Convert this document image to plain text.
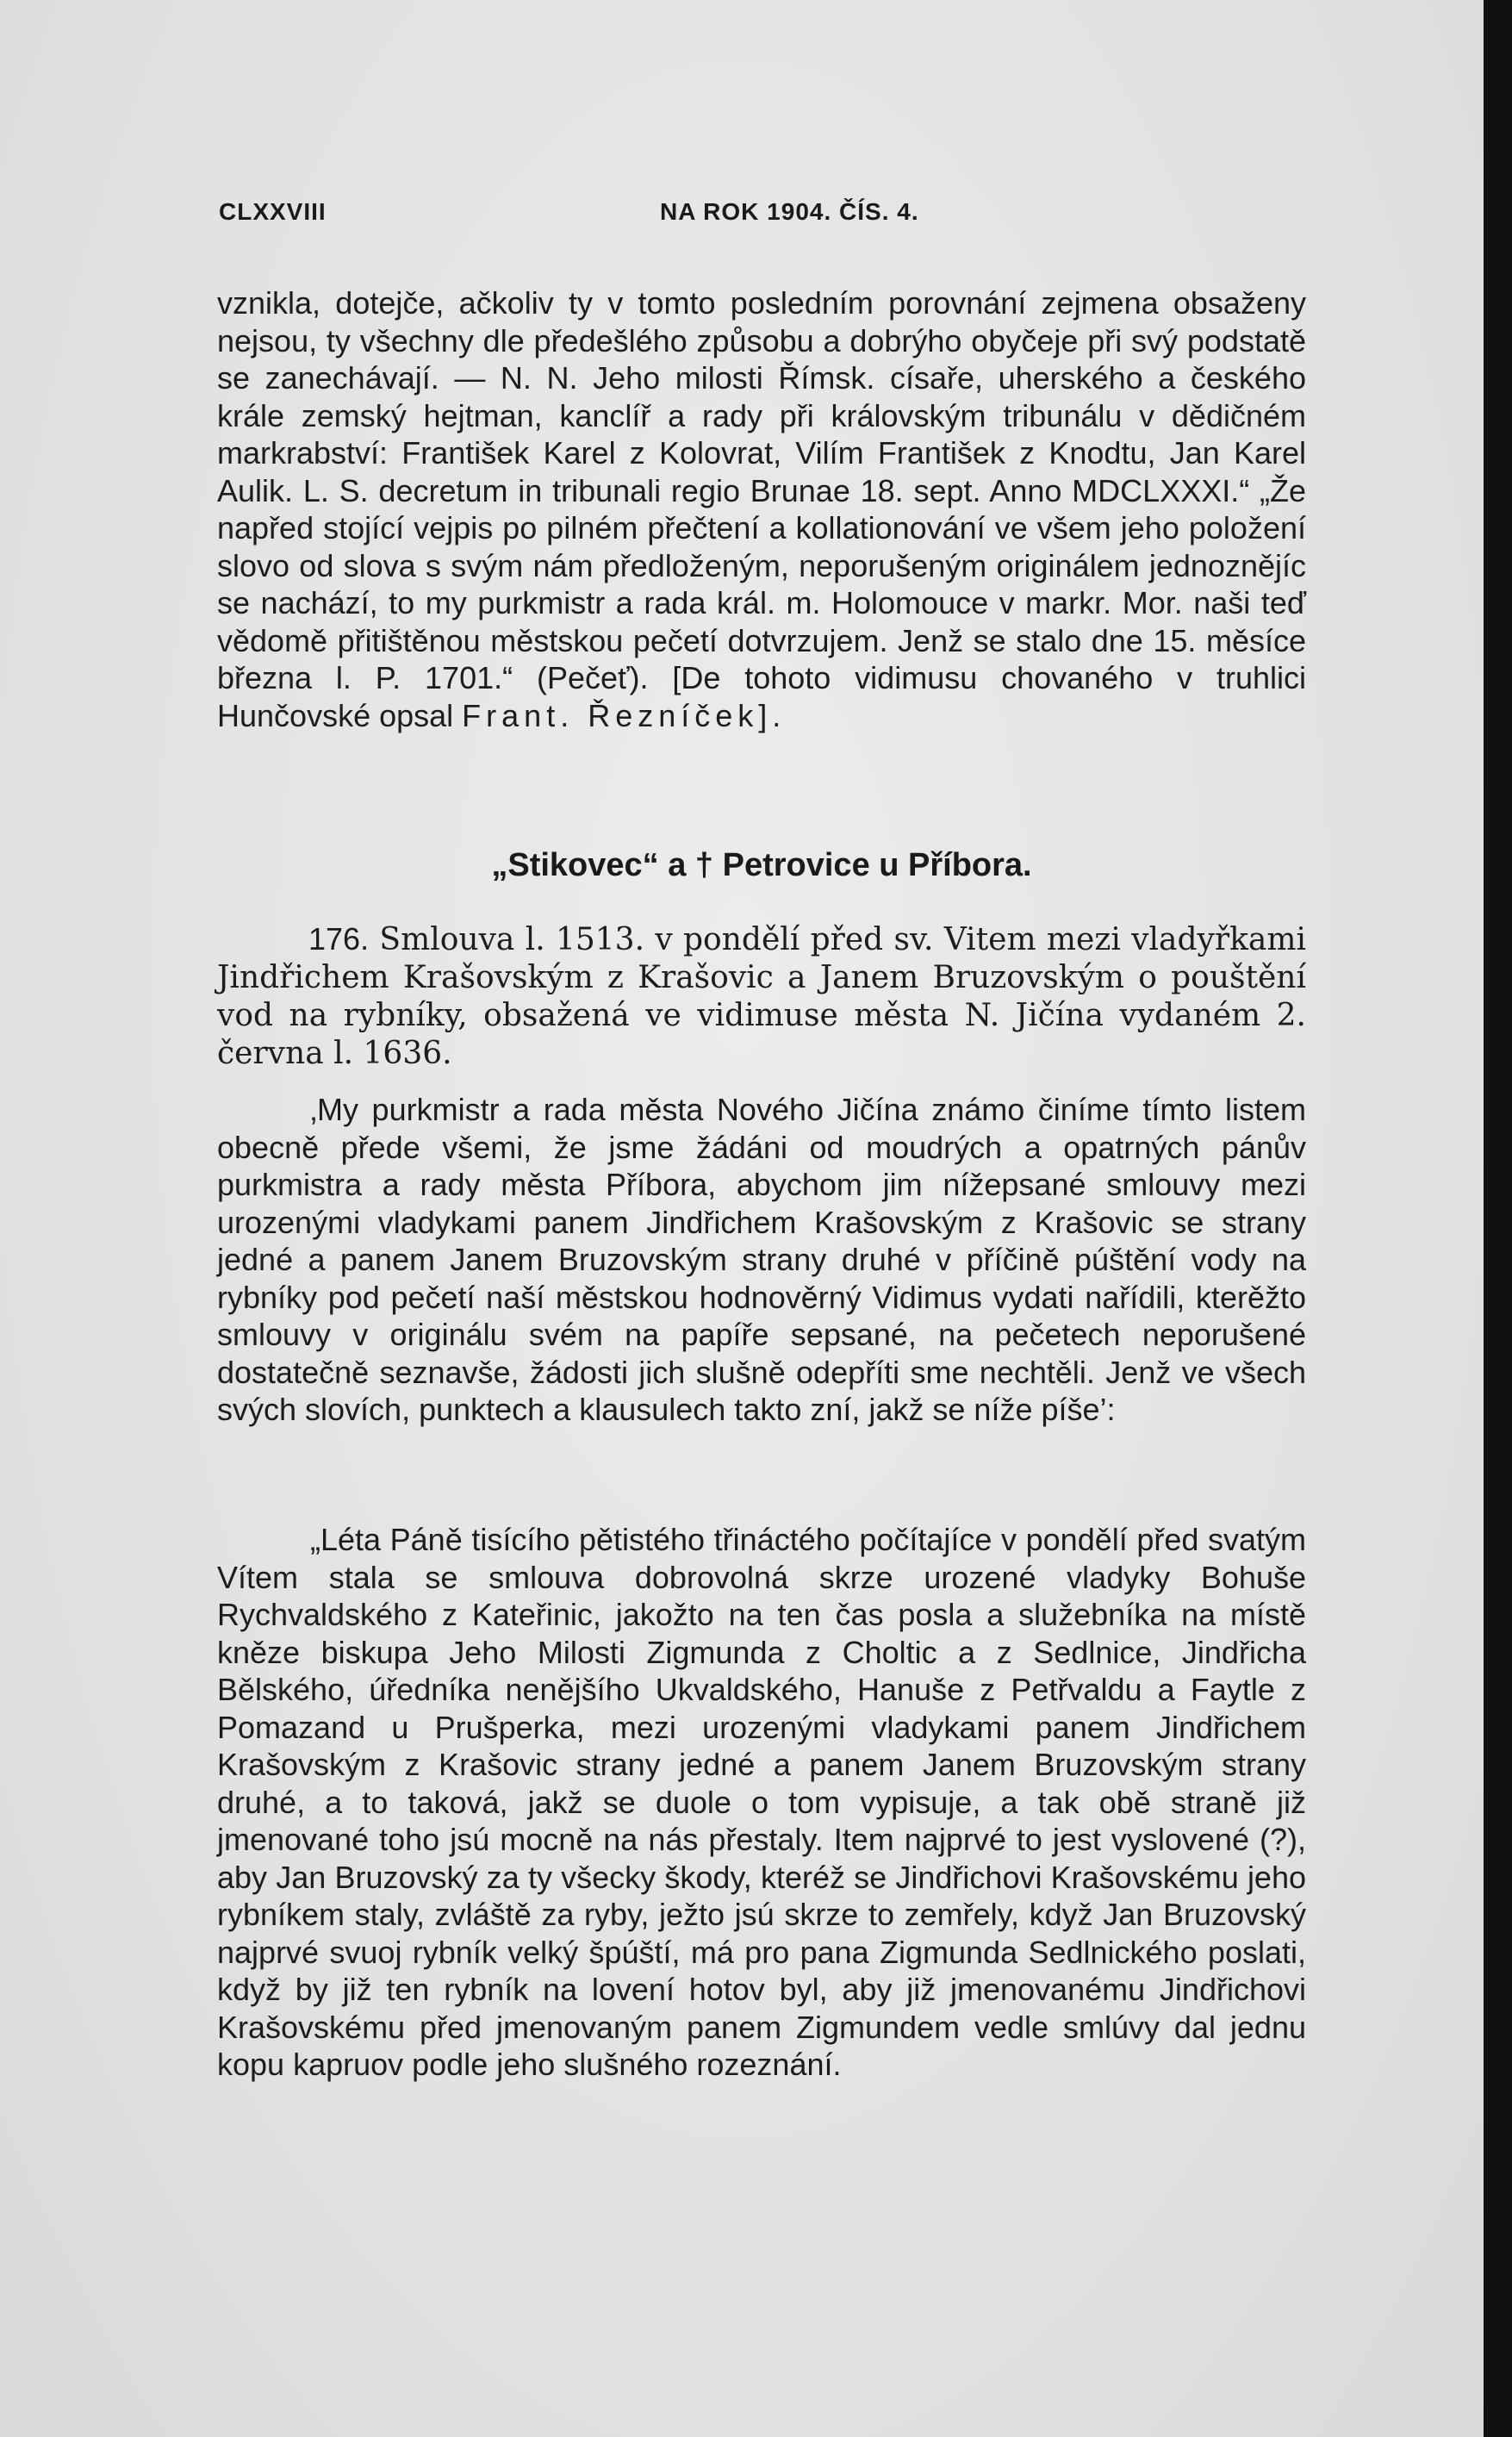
CLXXVIII	NA ROK 1904. ČÍS. 4.

vznikla, dotejče, ačkoliv ty v tomto posledním porovnání zejmena obsaženy nejsou, ty všechny dle předešlého způsobu a dobrýho obyčeje při svý podstatě se zanechávají. — N. N. Jeho milosti Římsk. císaře, uherského a českého krále zemský hejtman, kanclíř a rady při královským tribunálu v dědičném markrabství: František Karel z Kolovrat, Vilím František z Knodtu, Jan Karel Aulik. L. S. decretum in tribunali regio Brunae 18. sept. Anno MDCLXXXI.“ „Že napřed stojící vejpis po pilném přečtení a kollationování ve všem jeho položení slovo od slova s svým nám předloženým, neporušeným originálem jednoznějíc se nachází, to my purkmistr a rada král. m. Holomouce v markr. Mor. naši teď vědomě přitištěnou městskou pečetí dotvrzujem. Jenž se stalo dne 15. měsíce března l. P. 1701.“ (Pečeť). [De tohoto vidimusu chovaného v truhlici Hunčovské opsal Frant. Řezníček].

„Stikovec“ a † Petrovice u Příbora.

176. Smlouva l. 1513. v pondělí před sv. Vitem mezi vladyřkami Jindřichem Krašovským z Krašovic a Janem Bruzovským o pouštění vod na rybníky, obsažená ve vidimuse města N. Jičína vydaném 2. června l. 1636.

‚My purkmistr a rada města Nového Jičína známo činíme tímto listem obecně přede všemi, že jsme žádáni od moudrých a opatrných pánův purkmistra a rady města Příbora, abychom jim nížepsané smlouvy mezi urozenými vladykami panem Jindřichem Krašovským z Krašovic se strany jedné a panem Janem Bruzovským strany druhé v příčině púštění vody na rybníky pod pečetí naší městskou hodnověrný Vidimus vydati nařídili, kterěžto smlouvy v originálu svém na papíře sepsané, na pečetech neporušené dostatečně seznavše, žádosti jich slušně odepříti sme nechtěli. Jenž ve všech svých slovích, punktech a klausulech takto zní, jakž se níže píše’:

„Léta Páně tisícího pětistého třináctého počítajíce v pondělí před svatým Vítem stala se smlouva dobrovolná skrze urozené vladyky Bohuše Rychvaldského z Kateřinic, jakožto na ten čas posla a služebníka na místě kněze biskupa Jeho Milosti Zigmunda z Choltic a z Sedlnice, Jindřicha Bělského, úředníka nenějšího Ukvaldského, Hanuše z Petřvaldu a Faytle z Pomazand u Prušperka, mezi urozenými vladykami panem Jindřichem Krašovským z Krašovic strany jedné a panem Janem Bruzovským strany druhé, a to taková, jakž se duole o tom vypisuje, a tak obě straně již jmenované toho jsú mocně na nás přestaly. Item najprvé to jest vyslovené (?), aby Jan Bruzovský za ty všecky škody, kteréž se Jindřichovi Krašovskému jeho rybníkem staly, zvláště za ryby, ježto jsú skrze to zemřely, když Jan Bruzovský najprvé svuoj rybník velký špúští, má pro pana Zigmunda Sedlnického poslati, když by již ten rybník na lovení hotov byl, aby již jmenovanému Jindřichovi Krašovskému před jmenovaným panem Zigmundem vedle smlúvy dal jednu kopu kapruov podle jeho slušného rozeznání.
